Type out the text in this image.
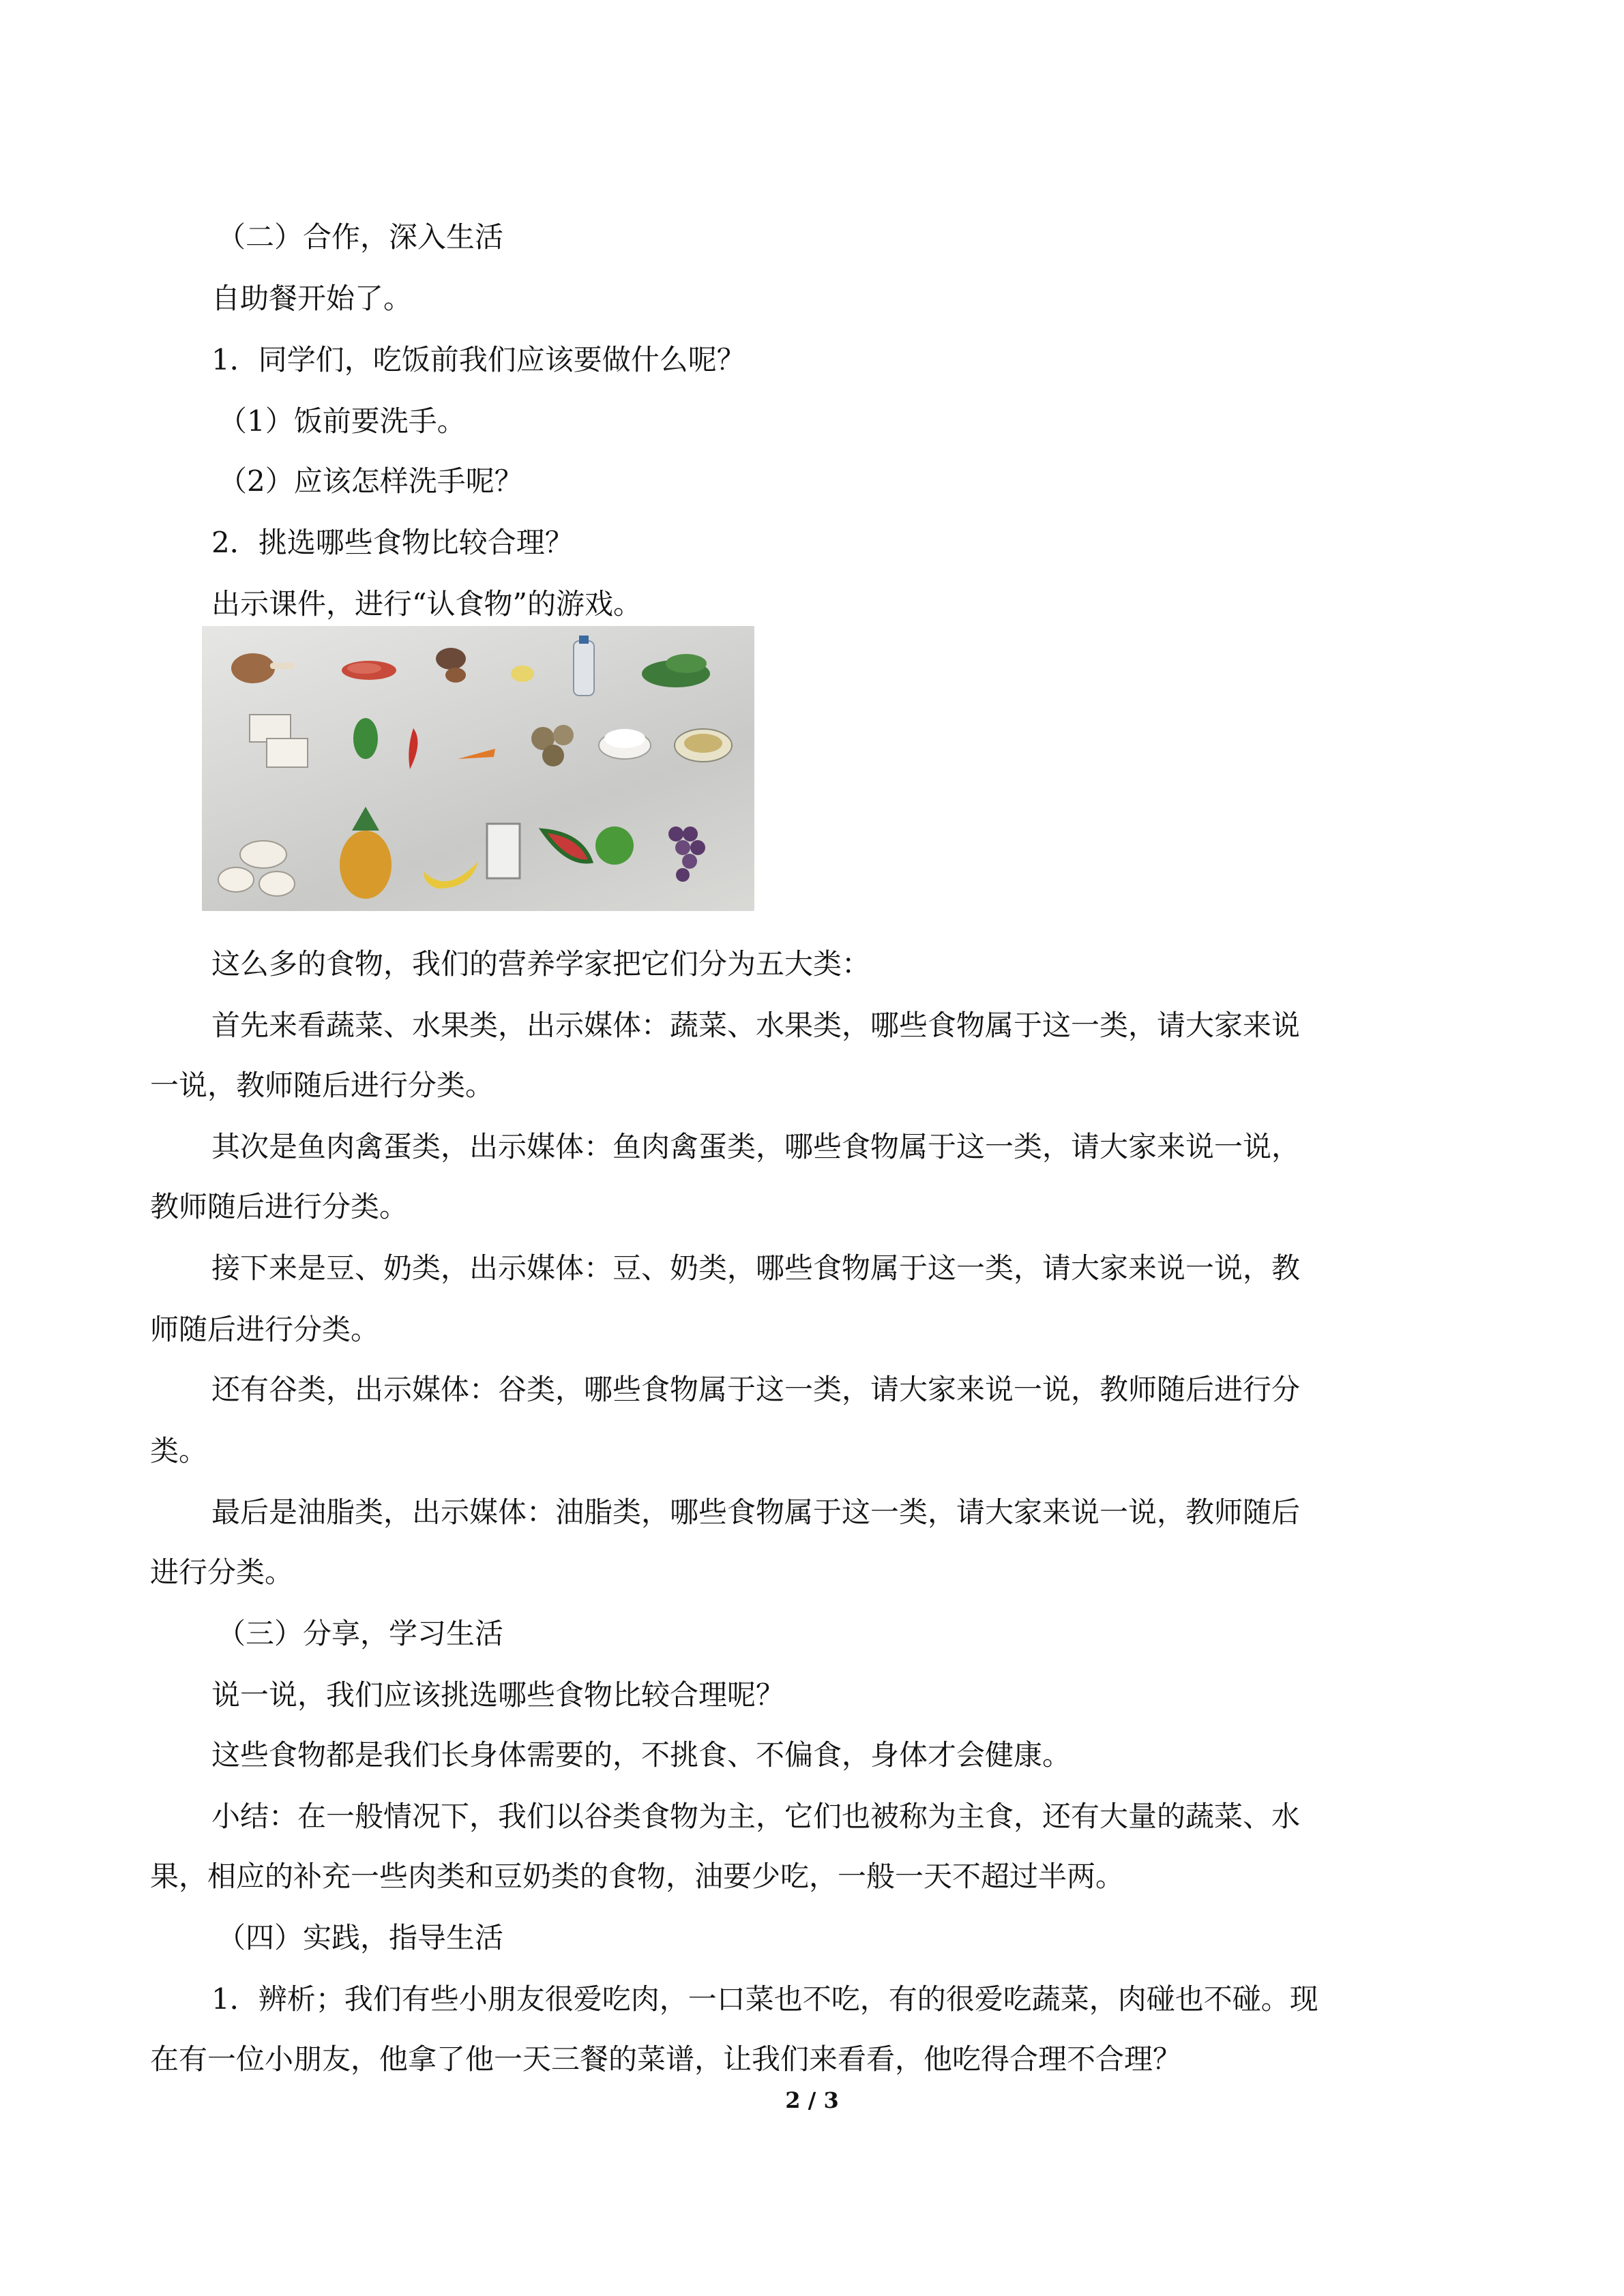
（二）合作，深入生活
自助餐开始了。
1．同学们，吃饭前我们应该要做什么呢？
（1）饭前要洗手。
（2）应该怎样洗手呢？
2．挑选哪些食物比较合理？
出示课件，进行“认食物”的游戏。
这么多的食物，我们的营养学家把它们分为五大类：
首先来看蔬菜、水果类，出示媒体：蔬菜、水果类，哪些食物属于这一类，请大家来说
一说，教师随后进行分类。
其次是鱼肉禽蛋类，出示媒体：鱼肉禽蛋类，哪些食物属于这一类，请大家来说一说，
教师随后进行分类。
接下来是豆、奶类，出示媒体：豆、奶类，哪些食物属于这一类，请大家来说一说，教
师随后进行分类。
还有谷类，出示媒体：谷类，哪些食物属于这一类，请大家来说一说，教师随后进行分
类。
最后是油脂类，出示媒体：油脂类，哪些食物属于这一类，请大家来说一说，教师随后
进行分类。
（三）分享，学习生活
说一说，我们应该挑选哪些食物比较合理呢？
这些食物都是我们长身体需要的，不挑食、不偏食，身体才会健康。
小结：在一般情况下，我们以谷类食物为主，它们也被称为主食，还有大量的蔬菜、水
果，相应的补充一些肉类和豆奶类的食物，油要少吃，一般一天不超过半两。
（四）实践，指导生活
1．辨析；我们有些小朋友很爱吃肉，一口菜也不吃，有的很爱吃蔬菜，肉碰也不碰。现
在有一位小朋友，他拿了他一天三餐的菜谱，让我们来看看，他吃得合理不合理？
2 / 3
